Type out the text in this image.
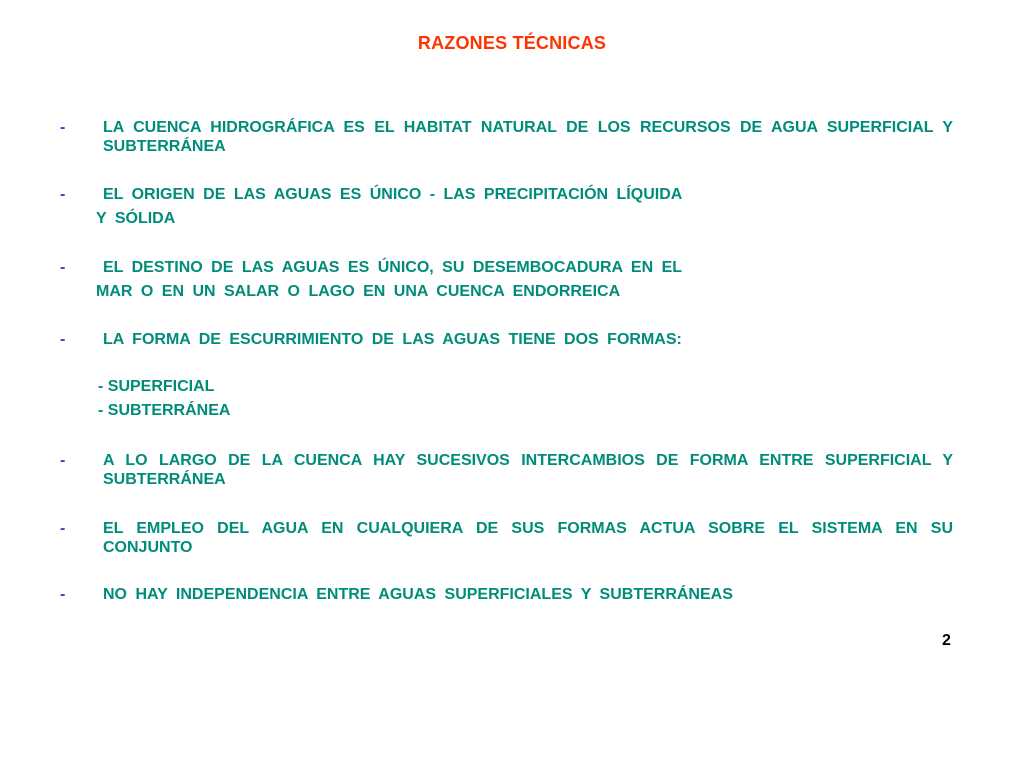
RAZONES TÉCNICAS
- LA CUENCA HIDROGRÁFICA ES EL HABITAT NATURAL DE LOS RECURSOS DE AGUA SUPERFICIAL Y SUBTERRÁNEA
- EL ORIGEN DE LAS AGUAS ES ÚNICO - LAS PRECIPITACIÓN LÍQUIDA
Y SÓLIDA
- EL DESTINO DE LAS AGUAS ES ÚNICO, SU DESEMBOCADURA EN EL
MAR O EN UN SALAR O LAGO EN UNA CUENCA ENDORREICA
- LA FORMA DE ESCURRIMIENTO DE LAS AGUAS TIENE DOS FORMAS:
- SUPERFICIAL
- SUBTERRÁNEA
- A LO LARGO DE LA CUENCA HAY SUCESIVOS INTERCAMBIOS DE FORMA ENTRE SUPERFICIAL Y SUBTERRÁNEA
- EL EMPLEO DEL AGUA EN CUALQUIERA DE SUS FORMAS ACTUA SOBRE EL SISTEMA EN SU CONJUNTO
- NO HAY INDEPENDENCIA ENTRE AGUAS SUPERFICIALES Y SUBTERRÁNEAS
2
